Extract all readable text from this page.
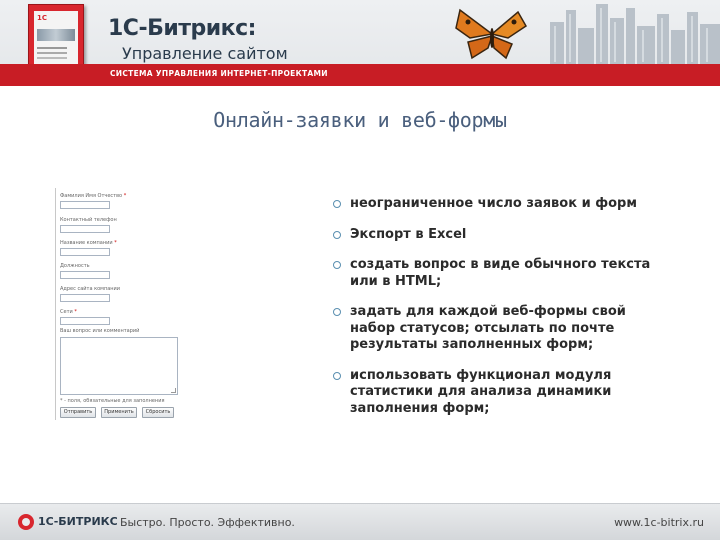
1С	1С-Битрикс:
Управление сайтом
СИСТЕМА УПРАВЛЕНИЯ ИНТЕРНЕТ-ПРОЕКТАМИ
Онлайн-заявки и веб-формы
Фамилия Имя Отчество *
Контактный телефон
Название компании *
Должность
Адрес сайта компании
Сети *
Ваш вопрос или комментарий
* - поля, обязательные для заполнения
Отправить	Применить	Сбросить
неограниченное число заявок и форм
Экспорт в Excel
создать вопрос в виде обычного текста или в HTML;
задать для каждой веб-формы свой набор статусов; отсылать по почте результаты заполненных форм;
использовать функционал модуля статистики для анализа динамики заполнения форм;
1С-БИТРИКС Быстро. Просто. Эффективно.	www.1c-bitrix.ru
